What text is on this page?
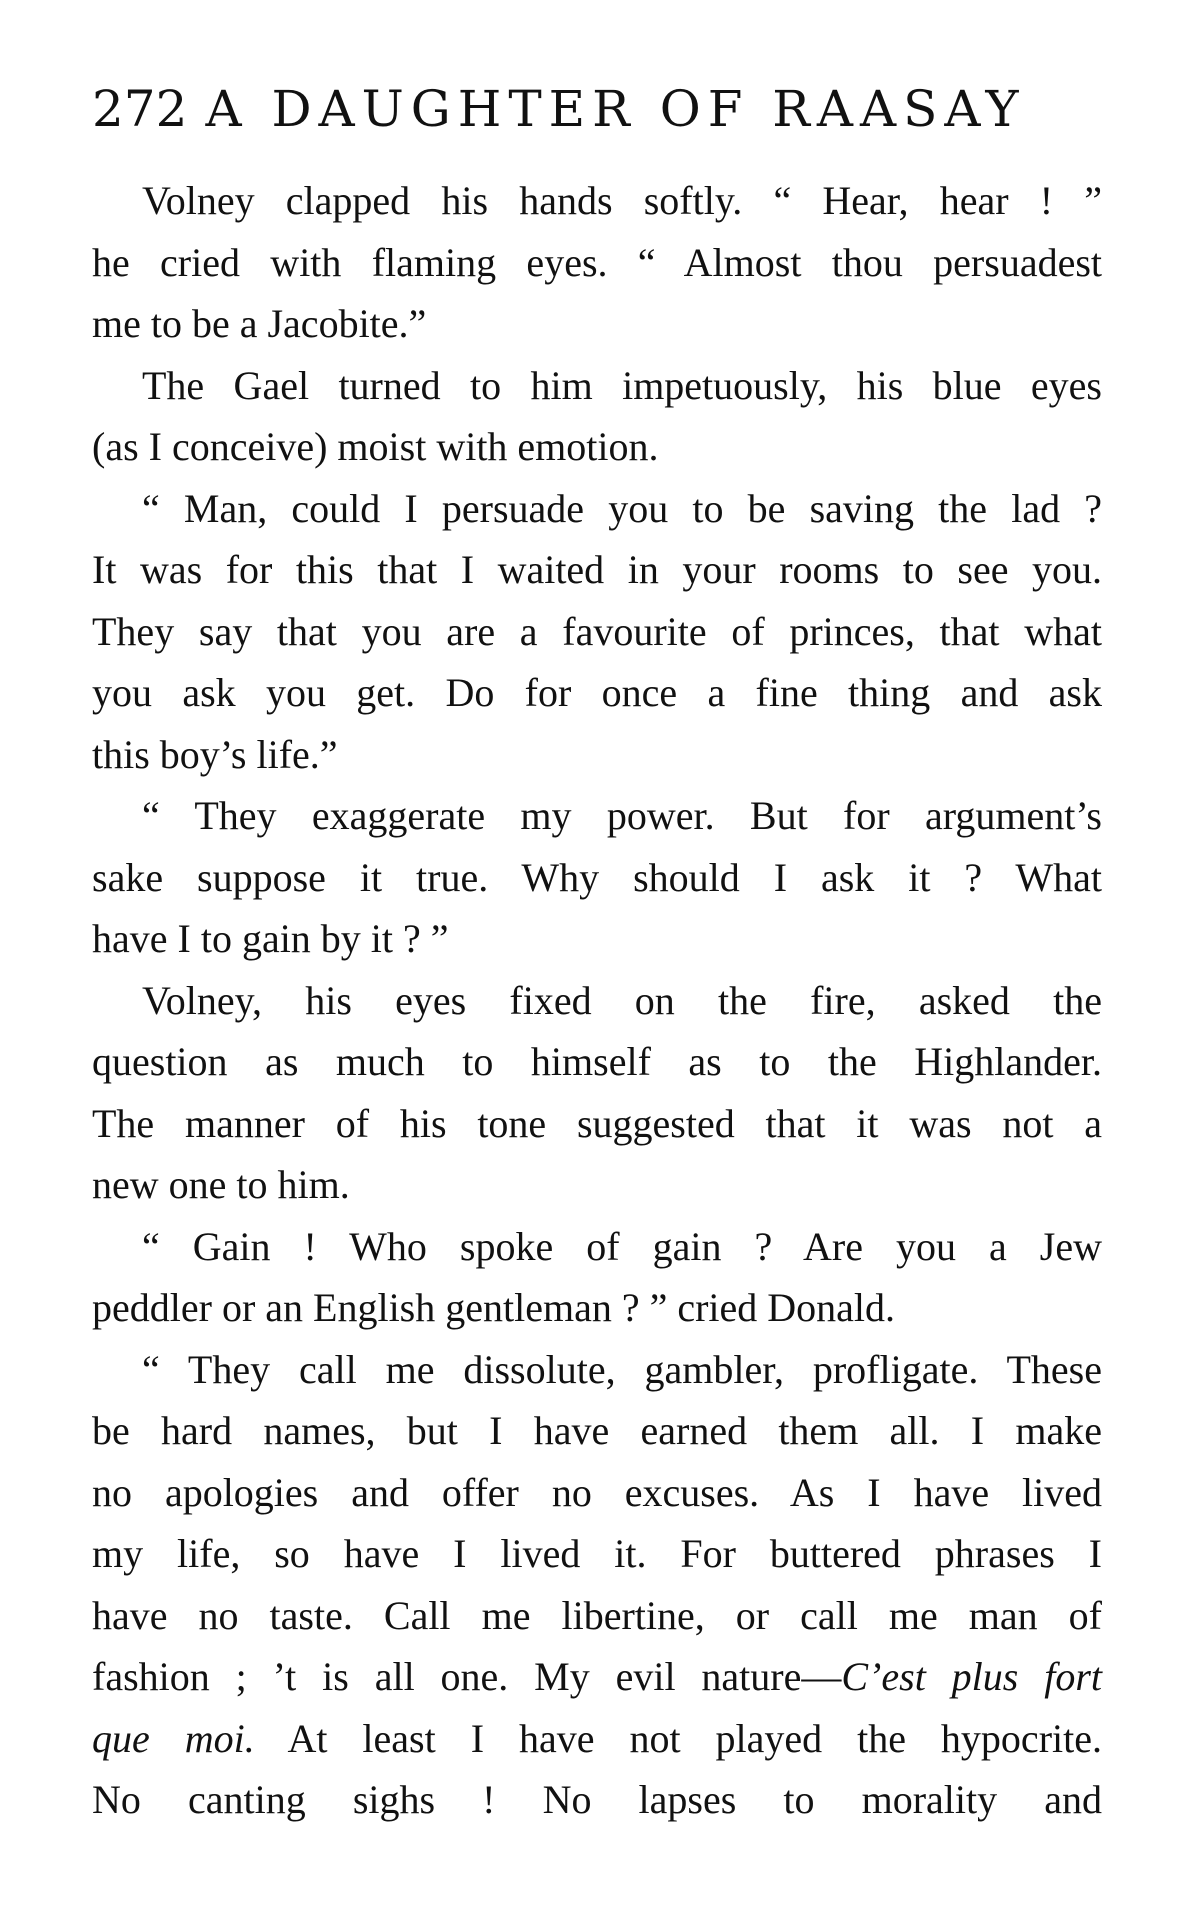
272 A DAUGHTER OF RAASAY

Volney clapped his hands softly. “ Hear, hear ! ”
he cried with flaming eyes. “ Almost thou persuadest
me to be a Jacobite.”

The Gael turned to him impetuously, his blue eyes
(as I conceive) moist with emotion.

“ Man, could I persuade you to be saving the lad ?
It was for this that I waited in your rooms to see you.
They say that you are a favourite of princes, that what
you ask you get. Do for once a fine thing and ask
this boy’s life.”

“ They exaggerate my power. But for argument’s
sake suppose it true. Why should I ask it ? What
have I to gain by it ? ”

Volney, his eyes fixed on the fire, asked the
question as much to himself as to the Highlander.
The manner of his tone suggested that it was not a
new one to him.

“ Gain ! Who spoke of gain ? Are you a Jew
peddler or an English gentleman ? ” cried Donald.

“ They call me dissolute, gambler, profligate. These
be hard names, but I have earned them all. I make
no apologies and offer no excuses. As I have lived
my life, so have I lived it. For buttered phrases I
have no taste. Call me libertine, or call me man of
fashion ; ’t is all one. My evil nature—C’est plus fort
que moi. At least I have not played the hypocrite.
No canting sighs ! No lapses to morality and
